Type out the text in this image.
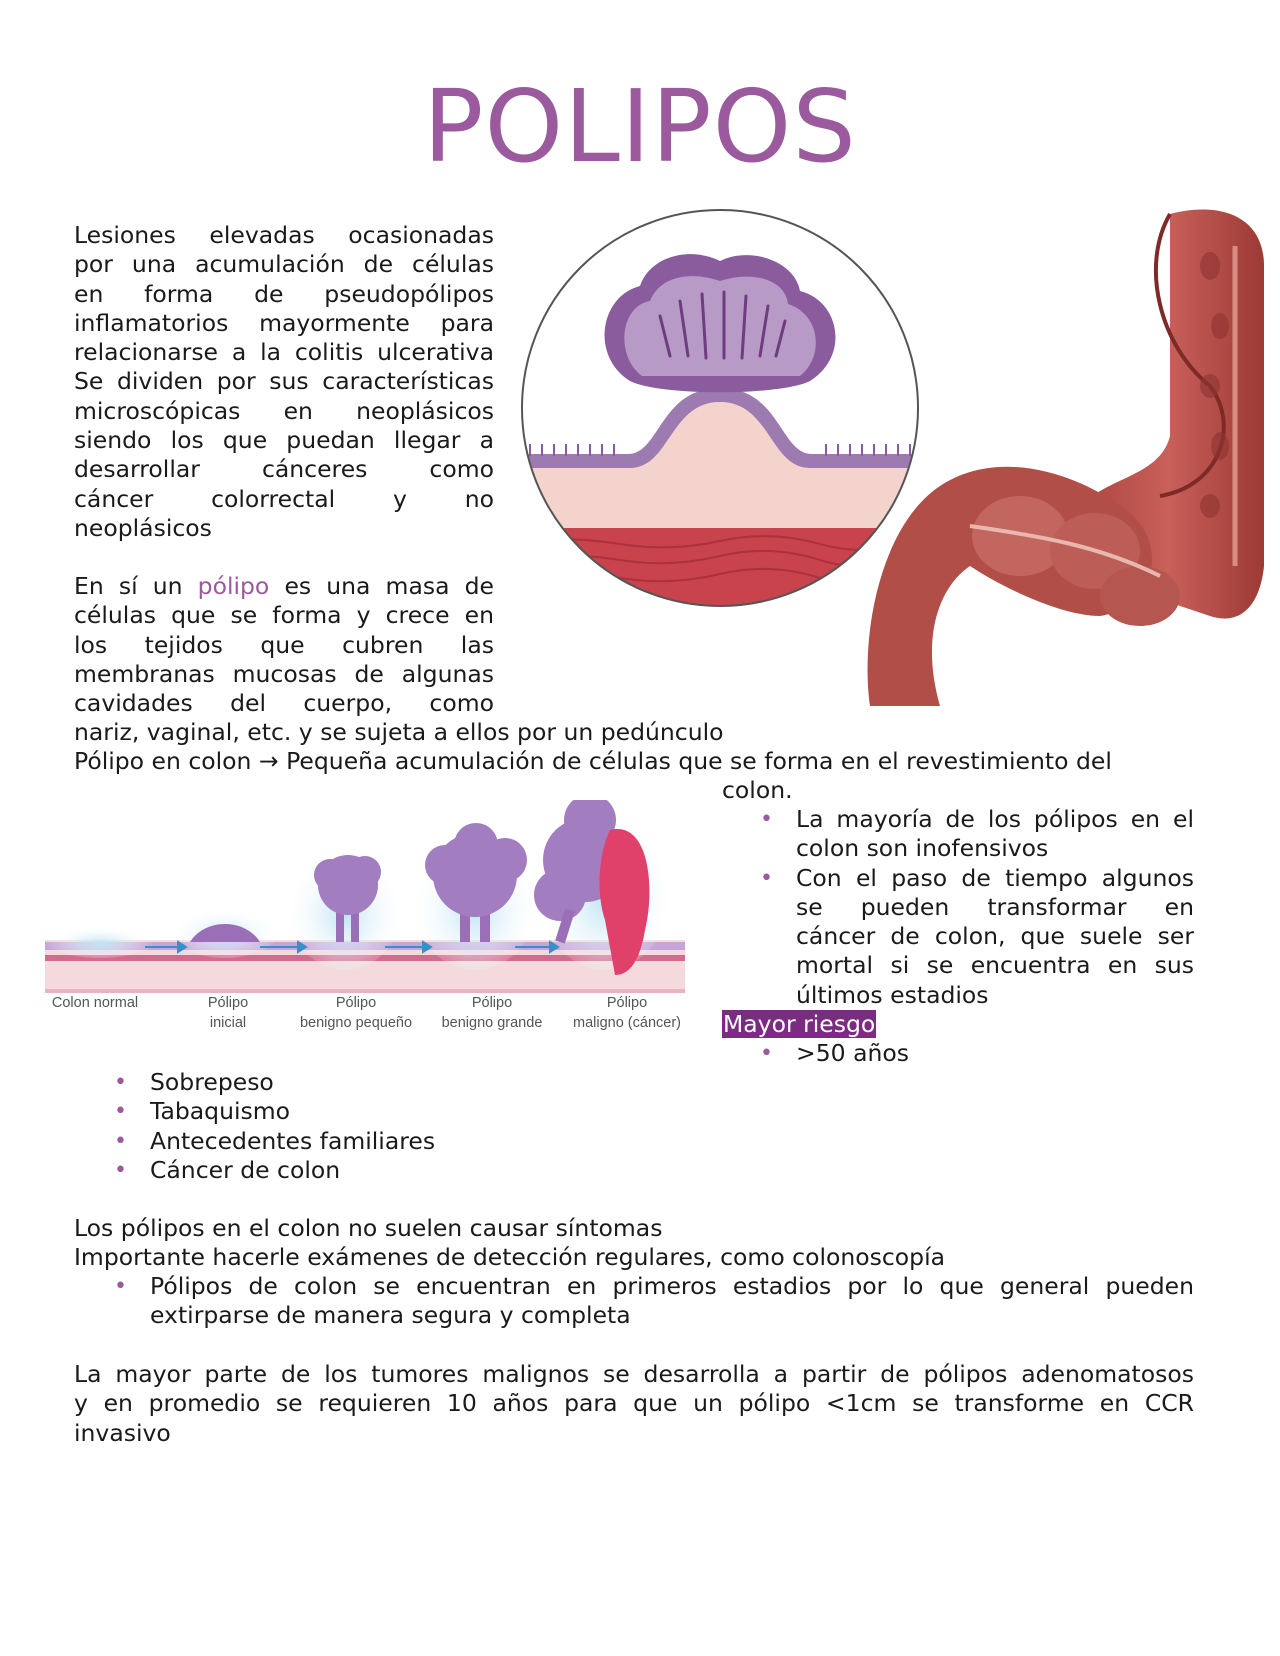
POLIPOS
Lesiones elevadas ocasionadas
por una acumulación de células
en forma de pseudopólipos
inflamatorios mayormente para
relacionarse a la colitis ulcerativa
Se dividen por sus características
microscópicas en neoplásicos
siendo los que puedan llegar a
desarrollar cánceres como
cáncer colorrectal y no
neoplásicos
En sí un pólipo es una masa de
células que se forma y crece en
los tejidos que cubren las
membranas mucosas de algunas
cavidades del cuerpo, como
nariz, vaginal, etc. y se sujeta a ellos por un pedúnculo
Pólipo en colon → Pequeña acumulación de células que se forma en el revestimiento del
colon.
• La mayoría de los pólipos en el
colon son inofensivos
• Con el paso de tiempo algunos
se pueden transformar en
cáncer de colon, que suele ser
mortal si se encuentra en sus
últimos estadios
Mayor riesgo
• >50 años
• Sobrepeso
• Tabaquismo
• Antecedentes familiares
• Cáncer de colon
Los pólipos en el colon no suelen causar síntomas
Importante hacerle exámenes de detección regulares, como colonoscopía
• Pólipos de colon se encuentran en primeros estadios por lo que general pueden
extirparse de manera segura y completa
La mayor parte de los tumores malignos se desarrolla a partir de pólipos adenomatosos
y en promedio se requieren 10 años para que un pólipo <1cm se transforme en CCR
invasivo
Colon normal	Pólipo
inicial
Pólipo
benigno pequeño
Pólipo
benigno grande
Pólipo
maligno (cáncer)
